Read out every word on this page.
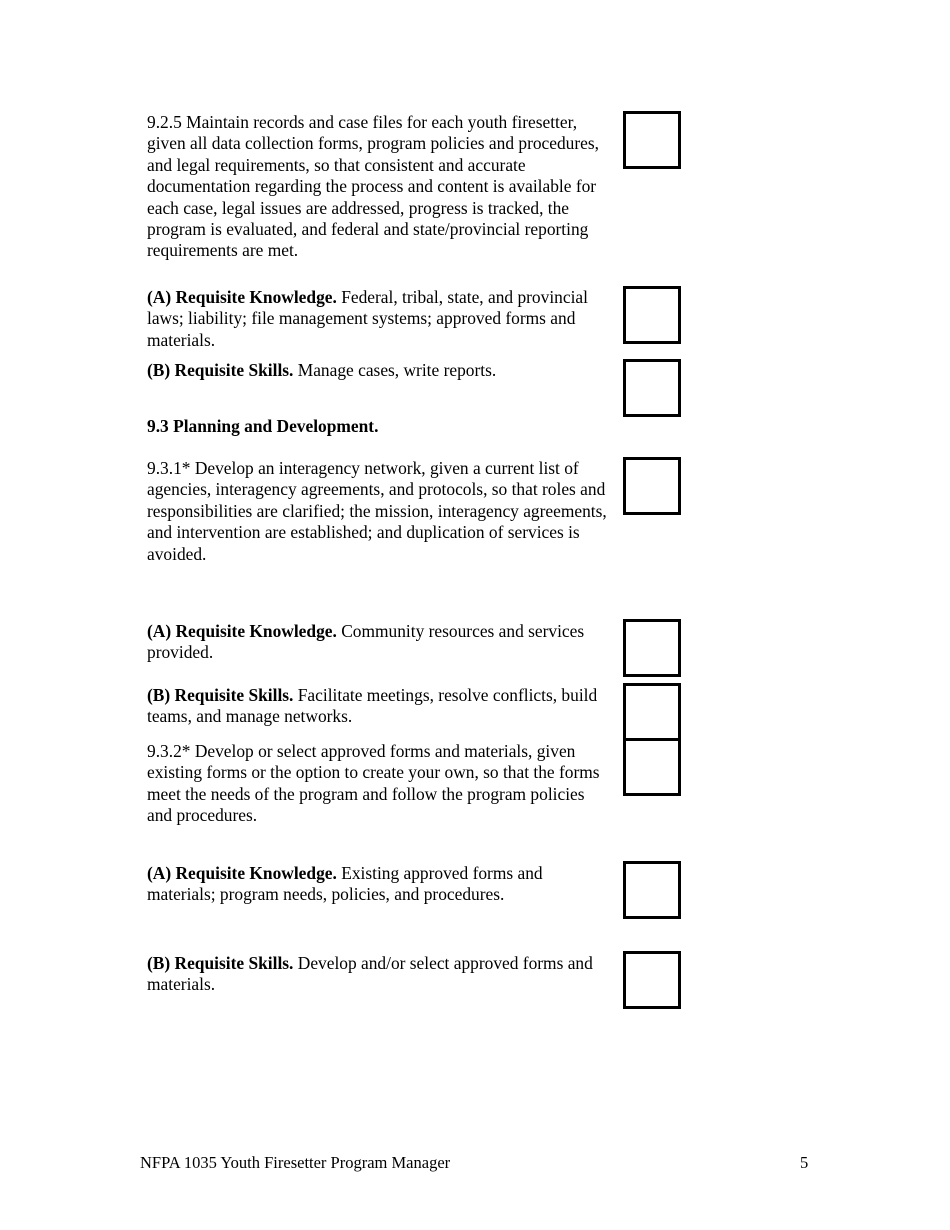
9.2.5 Maintain records and case files for each youth firesetter, given all data collection forms, program policies and procedures, and legal requirements, so that consistent and accurate documentation regarding the process and content is available for each case, legal issues are addressed, progress is tracked, the program is evaluated, and federal and state/provincial reporting requirements are met.

(A) Requisite Knowledge. Federal, tribal, state, and provincial laws; liability; file management systems; approved forms and materials.

(B) Requisite Skills. Manage cases, write reports.

9.3 Planning and Development.

9.3.1* Develop an interagency network, given a current list of agencies, interagency agreements, and protocols, so that roles and responsibilities are clarified; the mission, interagency agreements, and intervention are established; and duplication of services is avoided.

(A) Requisite Knowledge. Community resources and services provided.

(B) Requisite Skills. Facilitate meetings, resolve conflicts, build teams, and manage networks.

9.3.2* Develop or select approved forms and materials, given existing forms or the option to create your own, so that the forms meet the needs of the program and follow the program policies and procedures.

(A) Requisite Knowledge. Existing approved forms and materials; program needs, policies, and procedures.

(B) Requisite Skills. Develop and/or select approved forms and materials.

NFPA 1035 Youth Firesetter Program Manager	5
